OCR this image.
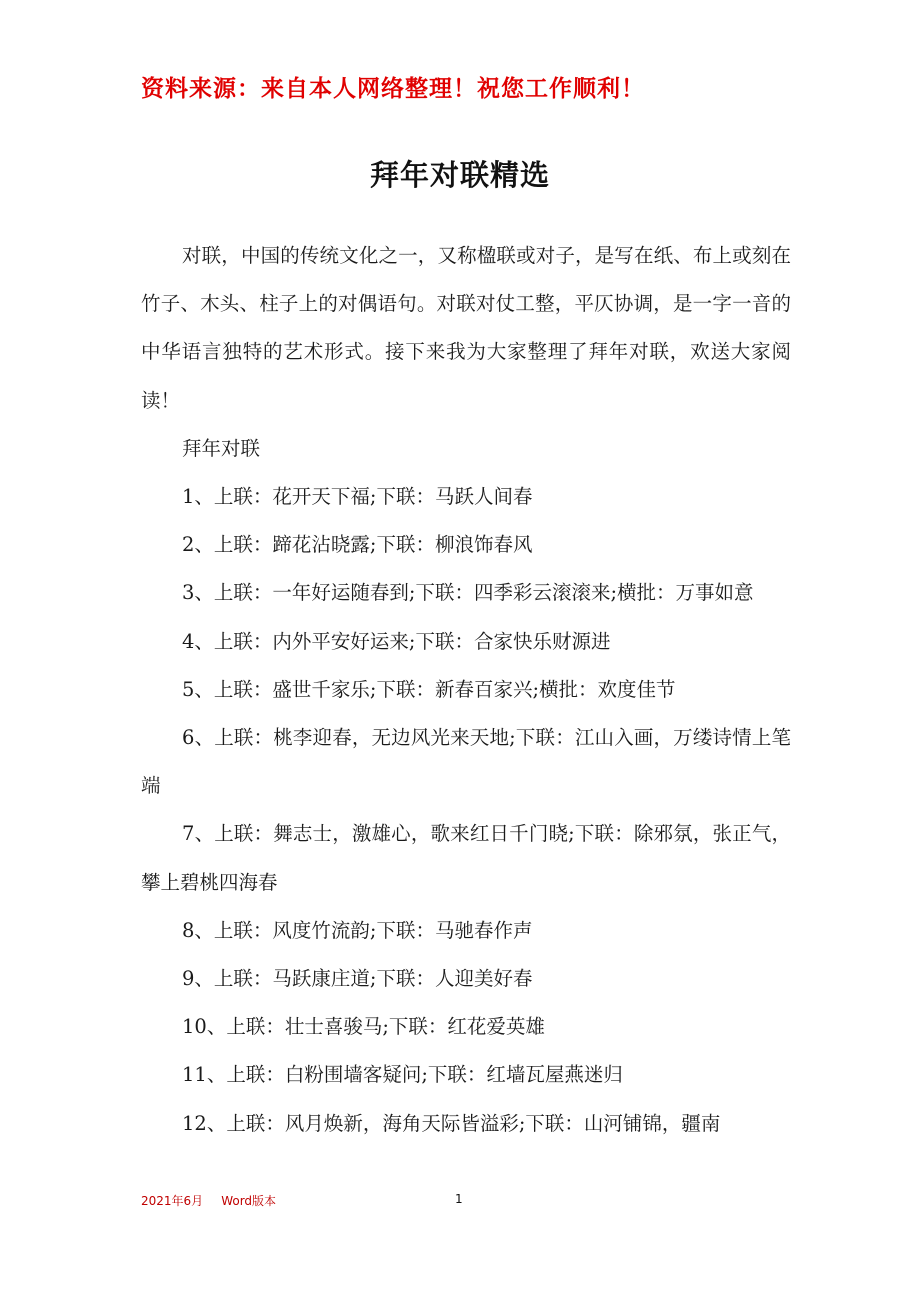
资料来源：来自本人网络整理！祝您工作顺利！
拜年对联精选

对联，中国的传统文化之一，又称楹联或对子，是写在纸、布上或刻在竹子、木头、柱子上的对偶语句。对联对仗工整，平仄协调，是一字一音的中华语言独特的艺术形式。接下来我为大家整理了拜年对联，欢送大家阅读！

拜年对联

1、上联：花开天下福;下联：马跃人间春

2、上联：蹄花沾晓露;下联：柳浪饰春风

3、上联：一年好运随春到;下联：四季彩云滚滚来;横批：万事如意

4、上联：内外平安好运来;下联：合家快乐财源进

5、上联：盛世千家乐;下联：新春百家兴;横批：欢度佳节

6、上联：桃李迎春，无边风光来天地;下联：江山入画，万缕诗情上笔端

7、上联：舞志士，激雄心，歌来红日千门晓;下联：除邪氛，张正气，攀上碧桃四海春

8、上联：风度竹流韵;下联：马驰春作声

9、上联：马跃康庄道;下联：人迎美好春

10、上联：壮士喜骏马;下联：红花爱英雄

11、上联：白粉围墙客疑问;下联：红墙瓦屋燕迷归

12、上联：风月焕新，海角天际皆溢彩;下联：山河铺锦，疆南

2021年6月 Word版本	1
